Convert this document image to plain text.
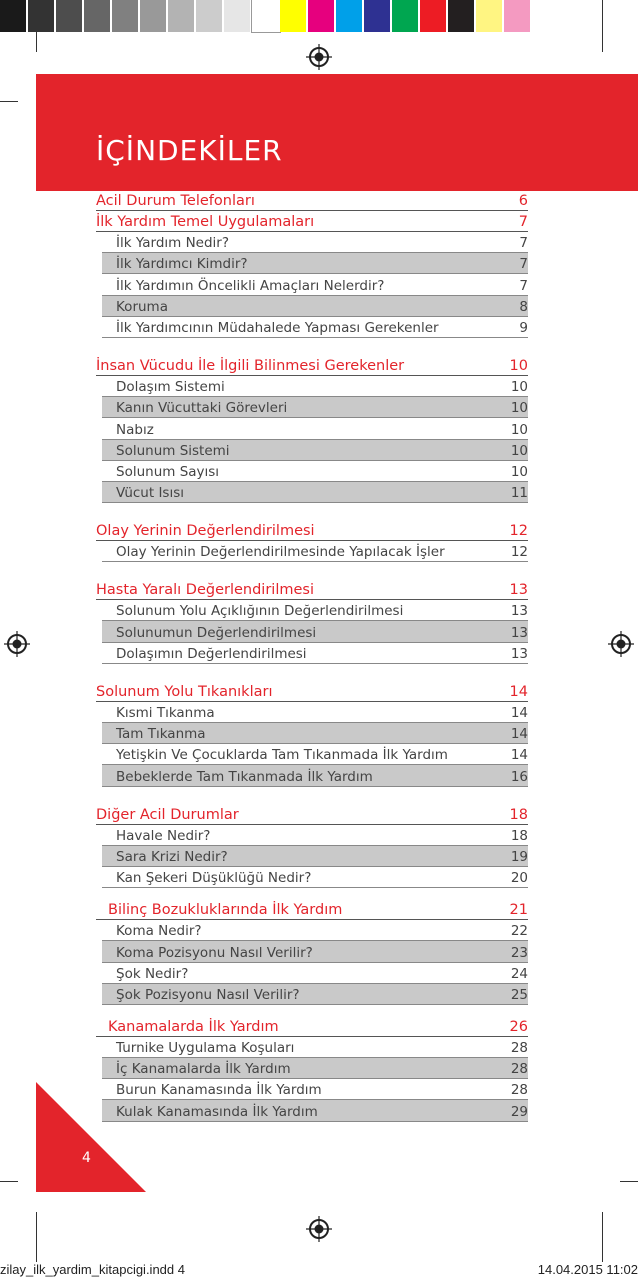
İÇİNDEKİLER
Acil Durum Telefonları	6
İlk Yardım Temel Uygulamaları	7
İlk Yardım Nedir?	7
İlk Yardımcı Kimdir?	7
İlk Yardımın Öncelikli Amaçları Nelerdir?	7
Koruma	8
İlk Yardımcının Müdahalede Yapması Gerekenler	9
İnsan Vücudu İle İlgili Bilinmesi Gerekenler	10
Dolaşım Sistemi	10
Kanın Vücuttaki Görevleri	10
Nabız	10
Solunum Sistemi	10
Solunum Sayısı	10
Vücut Isısı	11
Olay Yerinin Değerlendirilmesi	12
Olay Yerinin Değerlendirilmesinde Yapılacak İşler	12
Hasta Yaralı Değerlendirilmesi	13
Solunum Yolu Açıklığının Değerlendirilmesi	13
Solunumun Değerlendirilmesi	13
Dolaşımın Değerlendirilmesi	13
Solunum Yolu Tıkanıkları	14
Kısmi Tıkanma	14
Tam Tıkanma	14
Yetişkin Ve Çocuklarda Tam Tıkanmada İlk Yardım	14
Bebeklerde Tam Tıkanmada İlk Yardım	16
Diğer Acil Durumlar	18
Havale Nedir?	18
Sara Krizi Nedir?	19
Kan Şekeri Düşüklüğü Nedir?	20
Bilinç Bozukluklarında İlk Yardım	21
Koma Nedir?	22
Koma Pozisyonu Nasıl Verilir?	23
Şok Nedir?	24
Şok Pozisyonu Nasıl Verilir?	25
Kanamalarda İlk Yardım	26
Turnike Uygulama Koşuları	28
İç Kanamalarda İlk Yardım	28
Burun Kanamasında İlk Yardım	28
Kulak Kanamasında İlk Yardım	29
4
zilay_ilk_yardim_kitapcigi.indd 4	14.04.2015 11:02
